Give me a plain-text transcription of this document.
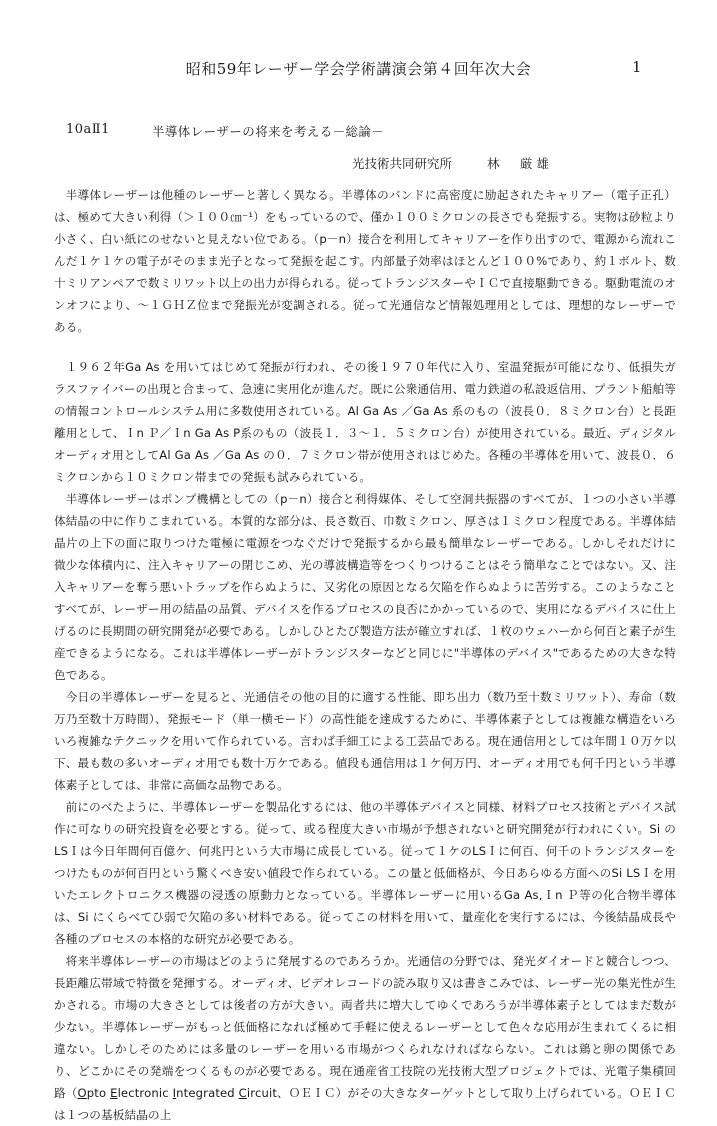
昭和59年レーザー学会学術講演会第４回年次大会	1
10aⅡ1	半導体レーザーの将来を考える－総論－
光技術共同研究所	林　厳雄

半導体レーザーは他種のレーザーと著しく異なる。半導体のバンドに高密度に励起されたキャリアー（電子正孔）は、極めて大きい利得（＞１００㎝⁻¹）をもっているので、僅か１００ミクロンの長さでも発振する。実物は砂粒より小さく、白い紙にのせないと見えない位である。（p－n）接合を利用してキャリアーを作り出すので、電源から流れこんだ１ケ１ケの電子がそのまま光子となって発振を起こす。内部量子効率はほとんど１００%であり、約１ボルト、数十ミリアンペアで数ミリワット以上の出力が得られる。従ってトランジスターやＩＣで直接駆動できる。駆動電流のオンオフにより、～１ＧＨＺ位まで発振光が変調される。従って光通信など情報処理用としては、理想的なレーザーである。

１９６２年Ga As を用いてはじめて発振が行われ、その後１９７０年代に入り、室温発振が可能になり、低損失ガラスファイバーの出現と合まって、急速に実用化が進んだ。既に公衆通信用、電力鉄道の私設返信用、プラント船舶等の情報コントロールシステム用に多数使用されている。Al Ga As ／Ga As 系のもの（波長０．８ミクロン台）と長距離用として、Ｉn Ｐ／Ｉn Ga As P系のもの（波長１．３～１．５ミクロン台）が使用されている。最近、ディジタルオーディオ用としてAl Ga As ／Ga As の０．７ミクロン帯が使用されはじめた。各種の半導体を用いて、波長０．６ミクロンから１０ミクロン帯までの発振も試みられている。

半導体レーザーはポンプ機構としての（p－n）接合と利得媒体、そして空洞共振器のすべてが、１つの小さい半導体結晶の中に作りこまれている。本質的な部分は、長さ数百、巾数ミクロン、厚さは１ミクロン程度である。半導体結晶片の上下の面に取りつけた電極に電源をつなぐだけで発振するから最も簡単なレーザーである。しかしそれだけに微少な体積内に、注入キャリアーの閉じこめ、光の導波構造等をつくりつけることはそう簡単なことではない。又、注入キャリアーを奪う悪いトラップを作らぬように、又劣化の原因となる欠陥を作らぬように苦労する。このようなことすべてが、レーザー用の結晶の品質、デバイスを作るプロセスの良否にかかっているので、実用になるデバイスに仕上げるのに長期間の研究開発が必要である。しかしひとたび製造方法が確立すれば、１枚のウェハーから何百と素子が生産できるようになる。これは半導体レーザーがトランジスターなどと同じに"半導体のデバイス"であるための大きな特色である。

今日の半導体レーザーを見ると、光通信その他の目的に適する性能、即ち出力（数乃至十数ミリワット）、寿命（数万乃至数十万時間）、発振モード（単一横モード）の高性能を達成するために、半導体素子としては複雑な構造をいろいろ複雑なテクニックを用いて作られている。言わば手細工による工芸品である。現在通信用としては年間１０万ケ以下、最も数の多いオーディオ用でも数十万ケである。値段も通信用は１ケ何万円、オーディオ用でも何千円という半導体素子としては、非常に高価な品物である。

前にのべたように、半導体レーザーを製品化するには、他の半導体デバイスと同様、材料プロセス技術とデバイス試作に可なりの研究投資を必要とする。従って、或る程度大きい市場が予想されないと研究開発が行われにくい。Si のLSＩは今日年間何百億ケ、何兆円という大市場に成長している。従って１ケのLSＩに何百、何千のトランジスターをつけたものが何百円という驚くべき安い値段で作られている。この量と低価格が、今日あらゆる方面へのSi LSＩを用いたエレクトロニクス機器の浸透の原動力となっている。半導体レーザーに用いるGa As,Ｉn Ｐ等の化合物半導体は、Si にくらべてひ弱で欠陥の多い材料である。従ってこの材料を用いて、量産化を実行するには、今後結晶成長や各種のプロセスの本格的な研究が必要である。

将来半導体レーザーの市場はどのように発展するのであろうか。光通信の分野では、発光ダイオードと競合しつつ、長距離広帯域で特徴を発揮する。オーディオ、ビデオレコードの読み取り又は書きこみでは、レーザー光の集光性が生かされる。市場の大きさとしては後者の方が大きい。両者共に増大してゆくであろうが半導体素子としてはまだ数が少ない。半導体レーザーがもっと低価格になれば極めて手軽に使えるレーザーとして色々な応用が生まれてくるに相違ない。しかしそのためには多量のレーザーを用いる市場がつくられなければならない。これは鶏と卵の関係であり、どこかにその発端をつくるものが必要である。現在通産省工技院の光技術大型プロジェクトでは、光電子集積回路（Opto Electronic Integrated Circuit、ＯＥＩＣ）がその大きなターゲットとして取り上げられている。ＯＥＩＣは１つの基板結晶の上
